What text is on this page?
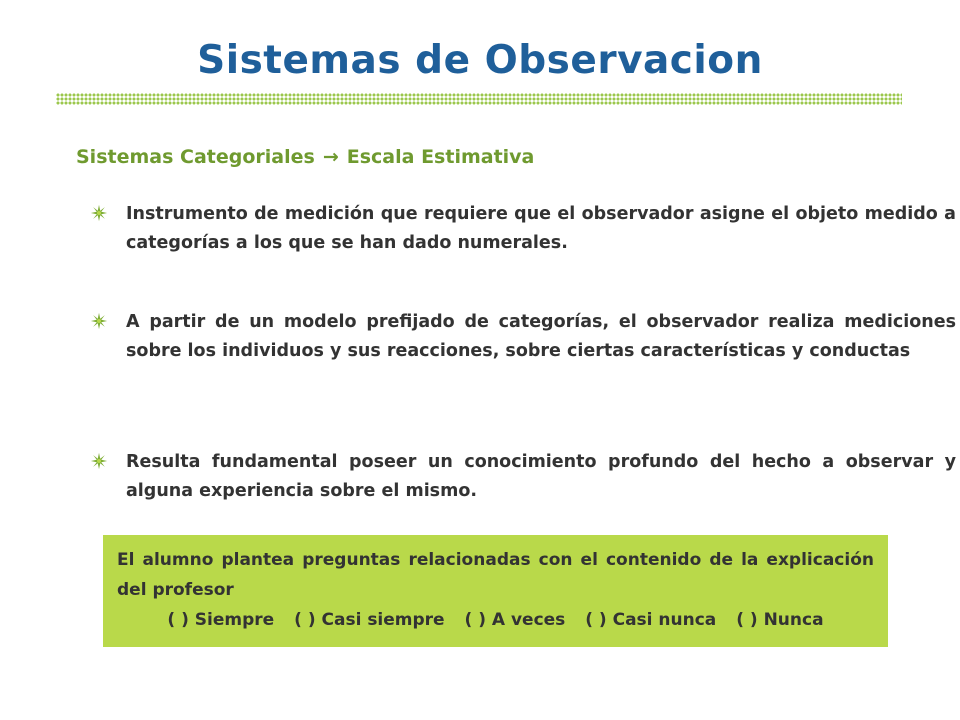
Sistemas de Observacion

Sistemas Categoriales → Escala Estimativa

Instrumento de medición que requiere que el observador asigne el objeto medido a categorías a los que se han dado numerales.
A partir de un modelo prefijado de categorías, el observador realiza mediciones sobre los individuos y sus reacciones, sobre ciertas características y conductas
Resulta fundamental poseer un conocimiento profundo del hecho a observar y alguna experiencia sobre el mismo.

El alumno plantea preguntas relacionadas con el contenido de la explicación del profesor

( ) Siempre ( ) Casi siempre ( ) A veces ( ) Casi nunca ( ) Nunca
